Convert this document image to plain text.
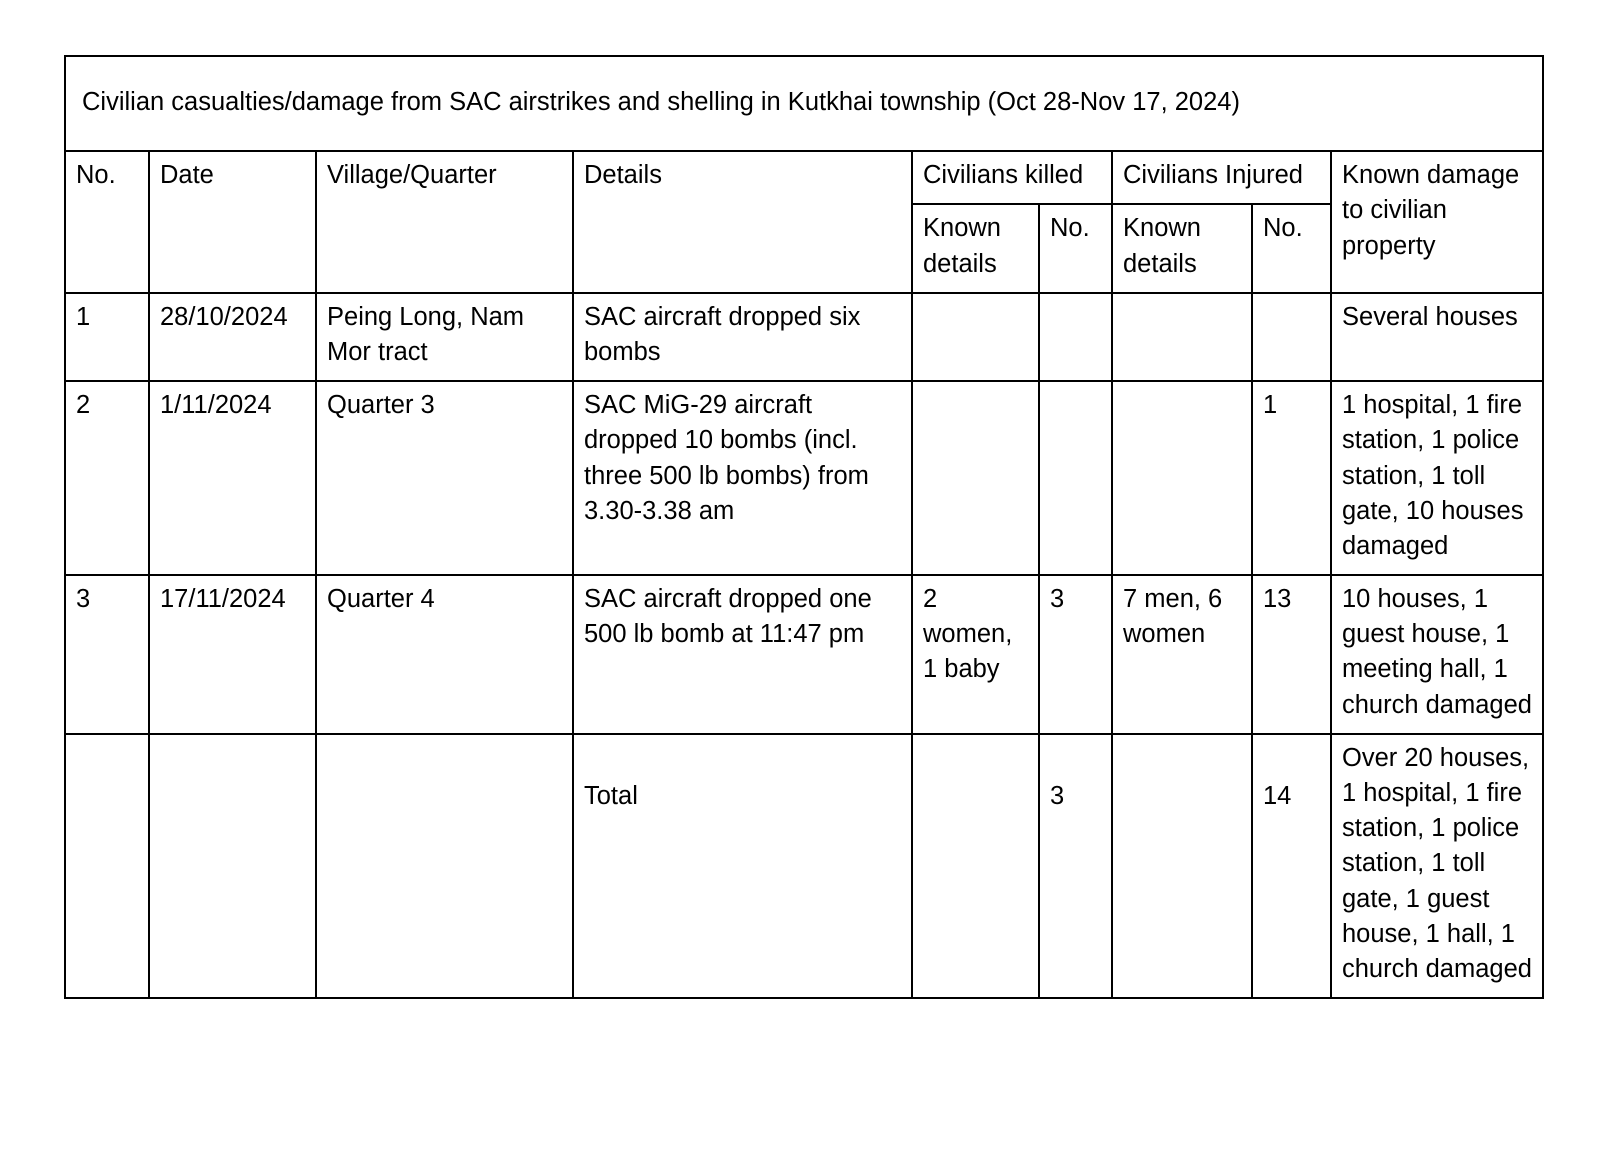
Civilian casualties/damage from SAC airstrikes and shelling in Kutkhai township (Oct 28-Nov 17, 2024)								
No.	Date	Village/Quarter	Details	Civilians killed		Civilians Injured		Known damage to civilian property
				Known details	No.	Known details	No.	
1	28/10/2024	Peing Long, Nam Mor tract	SAC aircraft dropped six bombs					Several houses
2	1/11/2024	Quarter 3	SAC MiG-29 aircraft dropped 10 bombs (incl. three 500 lb bombs) from 3.30-3.38 am				1	1 hospital, 1 fire station, 1 police station, 1 toll gate, 10 houses damaged
3	17/11/2024	Quarter 4	SAC aircraft dropped one 500 lb bomb at 11:47 pm	2 women, 1 baby	3	7 men, 6 women	13	10 houses, 1 guest house, 1 meeting hall, 1 church damaged
			Total		3		14	Over 20 houses, 1 hospital, 1 fire station, 1 police station, 1 toll gate, 1 guest house, 1 hall, 1 church damaged
